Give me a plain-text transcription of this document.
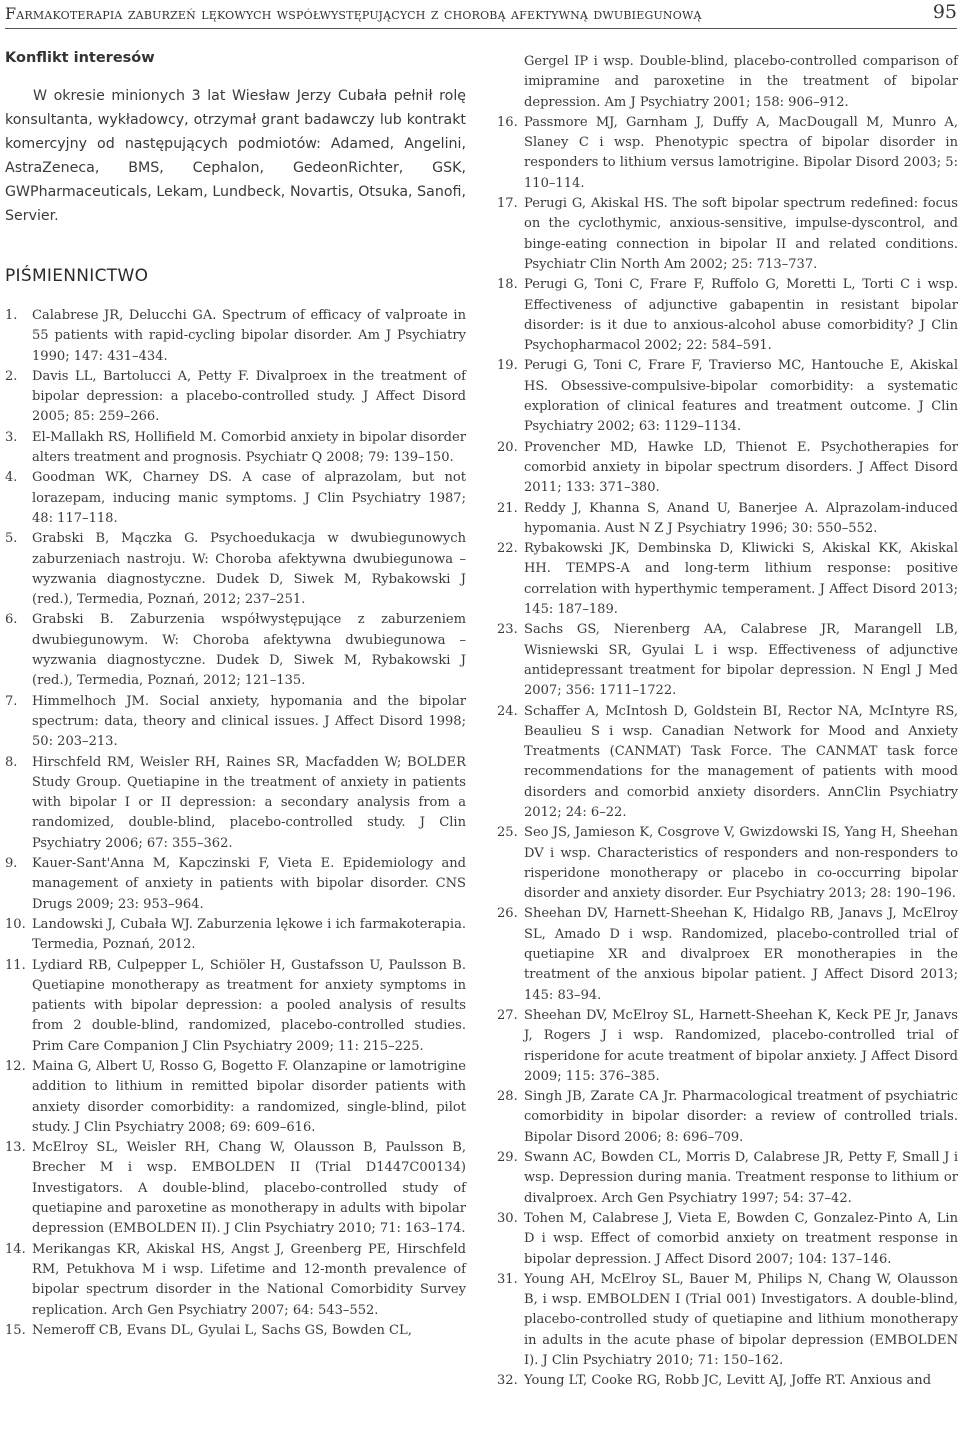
Farmakoterapia zaburzeń lękowych współwystępujących z chorobą afektywną dwubiegunową	95
Konflikt interesów

W okresie minionych 3 lat Wiesław Jerzy Cubała pełnił rolę konsultanta, wykładowcy, otrzymał grant badawczy lub kontrakt komercyjny od następujących podmiotów: Adamed, Angelini, AstraZeneca, BMS, Cephalon, GedeonRichter, GSK, GWPharmaceuticals, Lekam, Lundbeck, Novartis, Otsuka, Sanofi, Servier.

PIŚMIENNICTWO
1. Calabrese JR, Delucchi GA. Spectrum of efficacy of valproate in 55 patients with rapid-cycling bipolar disorder. Am J Psychiatry 1990; 147: 431–434.
2. Davis LL, Bartolucci A, Petty F. Divalproex in the treatment of bipolar depression: a placebo-controlled study. J Affect Disord 2005; 85: 259–266.
3. El-Mallakh RS, Hollifield M. Comorbid anxiety in bipolar disorder alters treatment and prognosis. Psychiatr Q 2008; 79: 139–150.
4. Goodman WK, Charney DS. A case of alprazolam, but not lorazepam, inducing manic symptoms. J Clin Psychiatry 1987; 48: 117–118.
5. Grabski B, Mączka G. Psychoedukacja w dwubiegunowych zaburzeniach nastroju. W: Choroba afektywna dwubiegunowa – wyzwania diagnostyczne. Dudek D, Siwek M, Rybakowski J (red.), Termedia, Poznań, 2012; 237–251.
6. Grabski B. Zaburzenia współwystępujące z zaburzeniem dwubiegunowym. W: Choroba afektywna dwubiegunowa – wyzwania diagnostyczne. Dudek D, Siwek M, Rybakowski J (red.), Termedia, Poznań, 2012; 121–135.
7. Himmelhoch JM. Social anxiety, hypomania and the bipolar spectrum: data, theory and clinical issues. J Affect Disord 1998; 50: 203–213.
8. Hirschfeld RM, Weisler RH, Raines SR, Macfadden W; BOLDER Study Group. Quetiapine in the treatment of anxiety in patients with bipolar I or II depression: a secondary analysis from a randomized, double-blind, placebo-controlled study. J Clin Psychiatry 2006; 67: 355–362.
9. Kauer-Sant'Anna M, Kapczinski F, Vieta E. Epidemiology and management of anxiety in patients with bipolar disorder. CNS Drugs 2009; 23: 953–964.
10. Landowski J, Cubała WJ. Zaburzenia lękowe i ich farmakoterapia. Termedia, Poznań, 2012.
11. Lydiard RB, Culpepper L, Schiöler H, Gustafsson U, Paulsson B. Quetiapine monotherapy as treatment for anxiety symptoms in patients with bipolar depression: a pooled analysis of results from 2 double-blind, randomized, placebo-controlled studies. Prim Care Companion J Clin Psychiatry 2009; 11: 215–225.
12. Maina G, Albert U, Rosso G, Bogetto F. Olanzapine or lamotrigine addition to lithium in remitted bipolar disorder patients with anxiety disorder comorbidity: a randomized, single-blind, pilot study. J Clin Psychiatry 2008; 69: 609–616.
13. McElroy SL, Weisler RH, Chang W, Olausson B, Paulsson B, Brecher M i wsp. EMBOLDEN II (Trial D1447C00134) Investigators. A double-blind, placebo-controlled study of quetiapine and paroxetine as monotherapy in adults with bipolar depression (EMBOLDEN II). J Clin Psychiatry 2010; 71: 163–174.
14. Merikangas KR, Akiskal HS, Angst J, Greenberg PE, Hirschfeld RM, Petukhova M i wsp. Lifetime and 12-month prevalence of bipolar spectrum disorder in the National Comorbidity Survey replication. Arch Gen Psychiatry 2007; 64: 543–552.
15. Nemeroff CB, Evans DL, Gyulai L, Sachs GS, Bowden CL,
Gergel IP i wsp. Double-blind, placebo-controlled comparison of imipramine and paroxetine in the treatment of bipolar depression. Am J Psychiatry 2001; 158: 906–912.
16. Passmore MJ, Garnham J, Duffy A, MacDougall M, Munro A, Slaney C i wsp. Phenotypic spectra of bipolar disorder in responders to lithium versus lamotrigine. Bipolar Disord 2003; 5: 110–114.
17. Perugi G, Akiskal HS. The soft bipolar spectrum redefined: focus on the cyclothymic, anxious-sensitive, impulse-dyscontrol, and binge-eating connection in bipolar II and related conditions. Psychiatr Clin North Am 2002; 25: 713–737.
18. Perugi G, Toni C, Frare F, Ruffolo G, Moretti L, Torti C i wsp. Effectiveness of adjunctive gabapentin in resistant bipolar disorder: is it due to anxious-alcohol abuse comorbidity? J Clin Psychopharmacol 2002; 22: 584–591.
19. Perugi G, Toni C, Frare F, Travierso MC, Hantouche E, Akiskal HS. Obsessive-compulsive-bipolar comorbidity: a systematic exploration of clinical features and treatment outcome. J Clin Psychiatry 2002; 63: 1129–1134.
20. Provencher MD, Hawke LD, Thienot E. Psychotherapies for comorbid anxiety in bipolar spectrum disorders. J Affect Disord 2011; 133: 371–380.
21. Reddy J, Khanna S, Anand U, Banerjee A. Alprazolam-induced hypomania. Aust N Z J Psychiatry 1996; 30: 550–552.
22. Rybakowski JK, Dembinska D, Kliwicki S, Akiskal KK, Akiskal HH. TEMPS-A and long-term lithium response: positive correlation with hyperthymic temperament. J Affect Disord 2013; 145: 187–189.
23. Sachs GS, Nierenberg AA, Calabrese JR, Marangell LB, Wisniewski SR, Gyulai L i wsp. Effectiveness of adjunctive antidepressant treatment for bipolar depression. N Engl J Med 2007; 356: 1711–1722.
24. Schaffer A, McIntosh D, Goldstein BI, Rector NA, McIntyre RS, Beaulieu S i wsp. Canadian Network for Mood and Anxiety Treatments (CANMAT) Task Force. The CANMAT task force recommendations for the management of patients with mood disorders and comorbid anxiety disorders. AnnClin Psychiatry 2012; 24: 6–22.
25. Seo JS, Jamieson K, Cosgrove V, Gwizdowski IS, Yang H, Sheehan DV i wsp. Characteristics of responders and non-responders to risperidone monotherapy or placebo in co-occurring bipolar disorder and anxiety disorder. Eur Psychiatry 2013; 28: 190–196.
26. Sheehan DV, Harnett-Sheehan K, Hidalgo RB, Janavs J, McElroy SL, Amado D i wsp. Randomized, placebo-controlled trial of quetiapine XR and divalproex ER monotherapies in the treatment of the anxious bipolar patient. J Affect Disord 2013; 145: 83–94.
27. Sheehan DV, McElroy SL, Harnett-Sheehan K, Keck PE Jr, Janavs J, Rogers J i wsp. Randomized, placebo-controlled trial of risperidone for acute treatment of bipolar anxiety. J Affect Disord 2009; 115: 376–385.
28. Singh JB, Zarate CA Jr. Pharmacological treatment of psychiatric comorbidity in bipolar disorder: a review of controlled trials. Bipolar Disord 2006; 8: 696–709.
29. Swann AC, Bowden CL, Morris D, Calabrese JR, Petty F, Small J i wsp. Depression during mania. Treatment response to lithium or divalproex. Arch Gen Psychiatry 1997; 54: 37–42.
30. Tohen M, Calabrese J, Vieta E, Bowden C, Gonzalez-Pinto A, Lin D i wsp. Effect of comorbid anxiety on treatment response in bipolar depression. J Affect Disord 2007; 104: 137–146.
31. Young AH, McElroy SL, Bauer M, Philips N, Chang W, Olausson B, i wsp. EMBOLDEN I (Trial 001) Investigators. A double-blind, placebo-controlled study of quetiapine and lithium monotherapy in adults in the acute phase of bipolar depression (EMBOLDEN I). J Clin Psychiatry 2010; 71: 150–162.
32. Young LT, Cooke RG, Robb JC, Levitt AJ, Joffe RT. Anxious and
